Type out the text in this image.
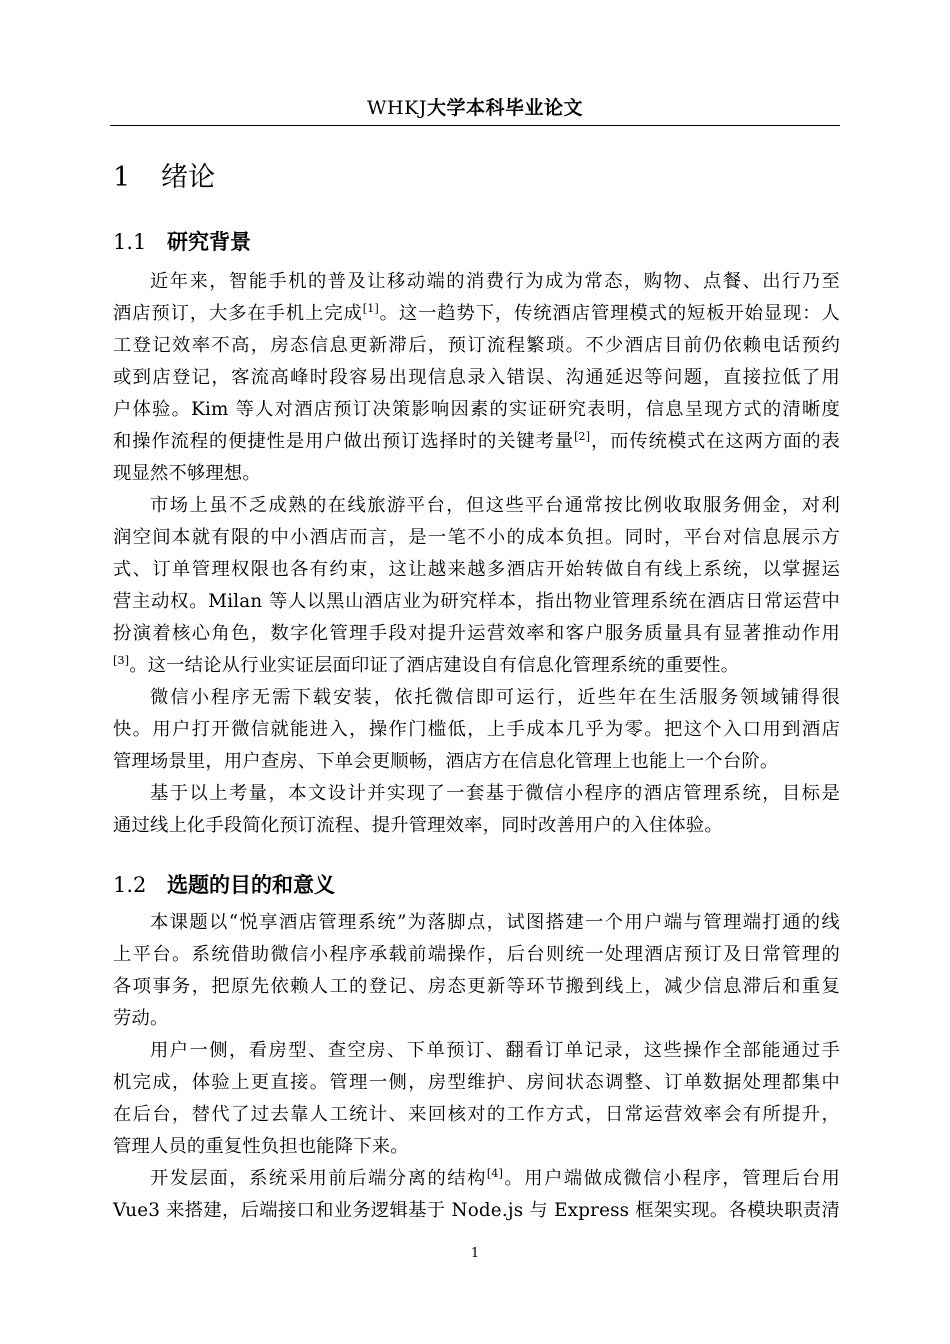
WHKJ大学本科毕业论文
1 绪论
1.1 研究背景
1.2 选题的目的和意义
近年来，智能手机的普及让移动端的消费行为成为常态，购物、点餐、出行乃至
酒店预订，大多在手机上完成[1]。这一趋势下，传统酒店管理模式的短板开始显现：人
工登记效率不高，房态信息更新滞后，预订流程繁琐。不少酒店目前仍依赖电话预约
或到店登记，客流高峰时段容易出现信息录入错误、沟通延迟等问题，直接拉低了用
户体验。Kim 等人对酒店预订决策影响因素的实证研究表明，信息呈现方式的清晰度
和操作流程的便捷性是用户做出预订选择时的关键考量[2]，而传统模式在这两方面的表
现显然不够理想。
市场上虽不乏成熟的在线旅游平台，但这些平台通常按比例收取服务佣金，对利
润空间本就有限的中小酒店而言，是一笔不小的成本负担。同时，平台对信息展示方
式、订单管理权限也各有约束，这让越来越多酒店开始转做自有线上系统，以掌握运
营主动权。Milan 等人以黑山酒店业为研究样本，指出物业管理系统在酒店日常运营中
扮演着核心角色，数字化管理手段对提升运营效率和客户服务质量具有显著推动作用
[3]。这一结论从行业实证层面印证了酒店建设自有信息化管理系统的重要性。
微信小程序无需下载安装，依托微信即可运行，近些年在生活服务领域铺得很
快。用户打开微信就能进入，操作门槛低，上手成本几乎为零。把这个入口用到酒店
管理场景里，用户查房、下单会更顺畅，酒店方在信息化管理上也能上一个台阶。
基于以上考量，本文设计并实现了一套基于微信小程序的酒店管理系统，目标是
通过线上化手段简化预订流程、提升管理效率，同时改善用户的入住体验。
本课题以“悦享酒店管理系统”为落脚点，试图搭建一个用户端与管理端打通的线
上平台。系统借助微信小程序承载前端操作，后台则统一处理酒店预订及日常管理的
各项事务，把原先依赖人工的登记、房态更新等环节搬到线上，减少信息滞后和重复
劳动。
用户一侧，看房型、查空房、下单预订、翻看订单记录，这些操作全部能通过手
机完成，体验上更直接。管理一侧，房型维护、房间状态调整、订单数据处理都集中
在后台，替代了过去靠人工统计、来回核对的工作方式，日常运营效率会有所提升，
管理人员的重复性负担也能降下来。
开发层面，系统采用前后端分离的结构[4]。用户端做成微信小程序，管理后台用
Vue3 来搭建，后端接口和业务逻辑基于 Node.js 与 Express 框架实现。各模块职责清
1
